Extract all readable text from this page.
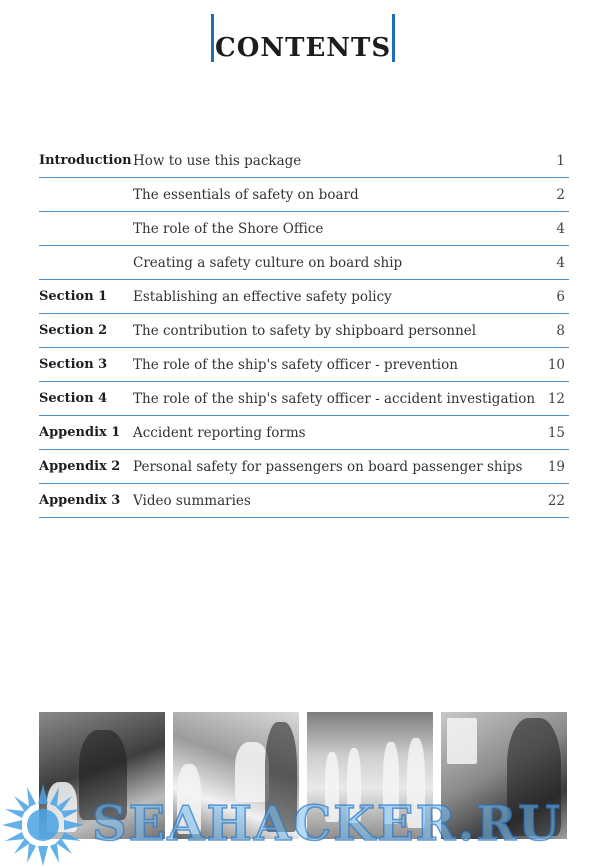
CONTENTS
Introduction How to use this package	1
The essentials of safety on board	2
The role of the Shore Office	4
Creating a safety culture on board ship	4
Section 1	Establishing an effective safety policy	6
Section 2	The contribution to safety by shipboard personnel	8
Section 3	The role of the ship's safety officer - prevention	10
Section 4	The role of the ship's safety officer - accident investigation 12
Appendix 1 Accident reporting forms	15
Appendix 2 Personal safety for passengers on board passenger ships 19
Appendix 3 Video summaries	22
SEAHACKER.RU
